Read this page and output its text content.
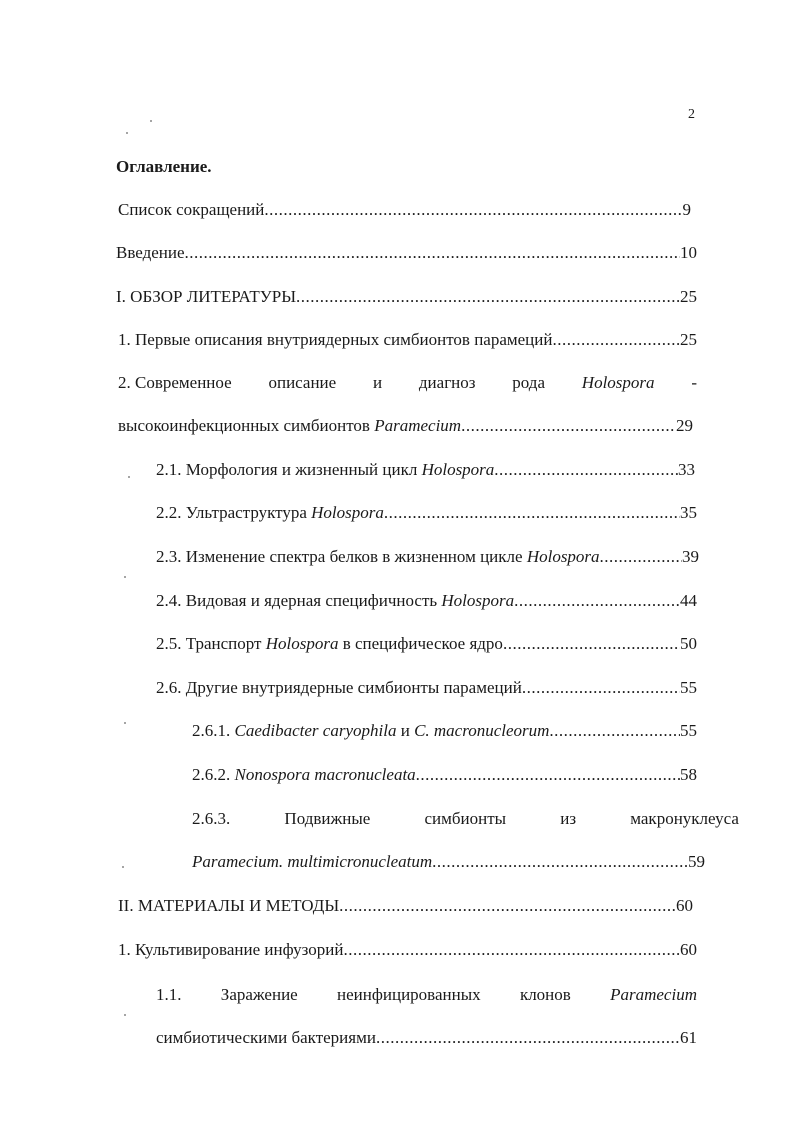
2
Оглавление.
Список сокращений .....	9
Введение .....	10
I. ОБЗОР ЛИТЕРАТУРЫ .....	25
1. Первые описания внутриядерных симбионтов парамеций .....	25
2. Современное описание и диагноз рода Holospora -
высокоинфекционных симбионтов Paramecium .....	29
2.1. Морфология и жизненный цикл Holospora .....	33
2.2. Ультраструктура Holospora .....	35
2.3. Изменение спектра белков в жизненном цикле Holospora .....	39
2.4. Видовая и ядерная специфичность Holospora .....	44
2.5. Транспорт Holospora в специфическое ядро .....	50
2.6. Другие внутриядерные симбионты парамеций .....	55
2.6.1. Caedibacter caryophila и C. macronucleorum .....	55
2.6.2. Nonospora macronucleata .....	58
2.6.3.	Подвижные	симбионты	из	макронуклеуса
Paramecium. multimicronucleatum .....	59
II. МАТЕРИАЛЫ И МЕТОДЫ .....	60
1. Культивирование инфузорий .....	60
1.1. Заражение неинфицированных клонов Paramecium
симбиотическими бактериями .....	61
